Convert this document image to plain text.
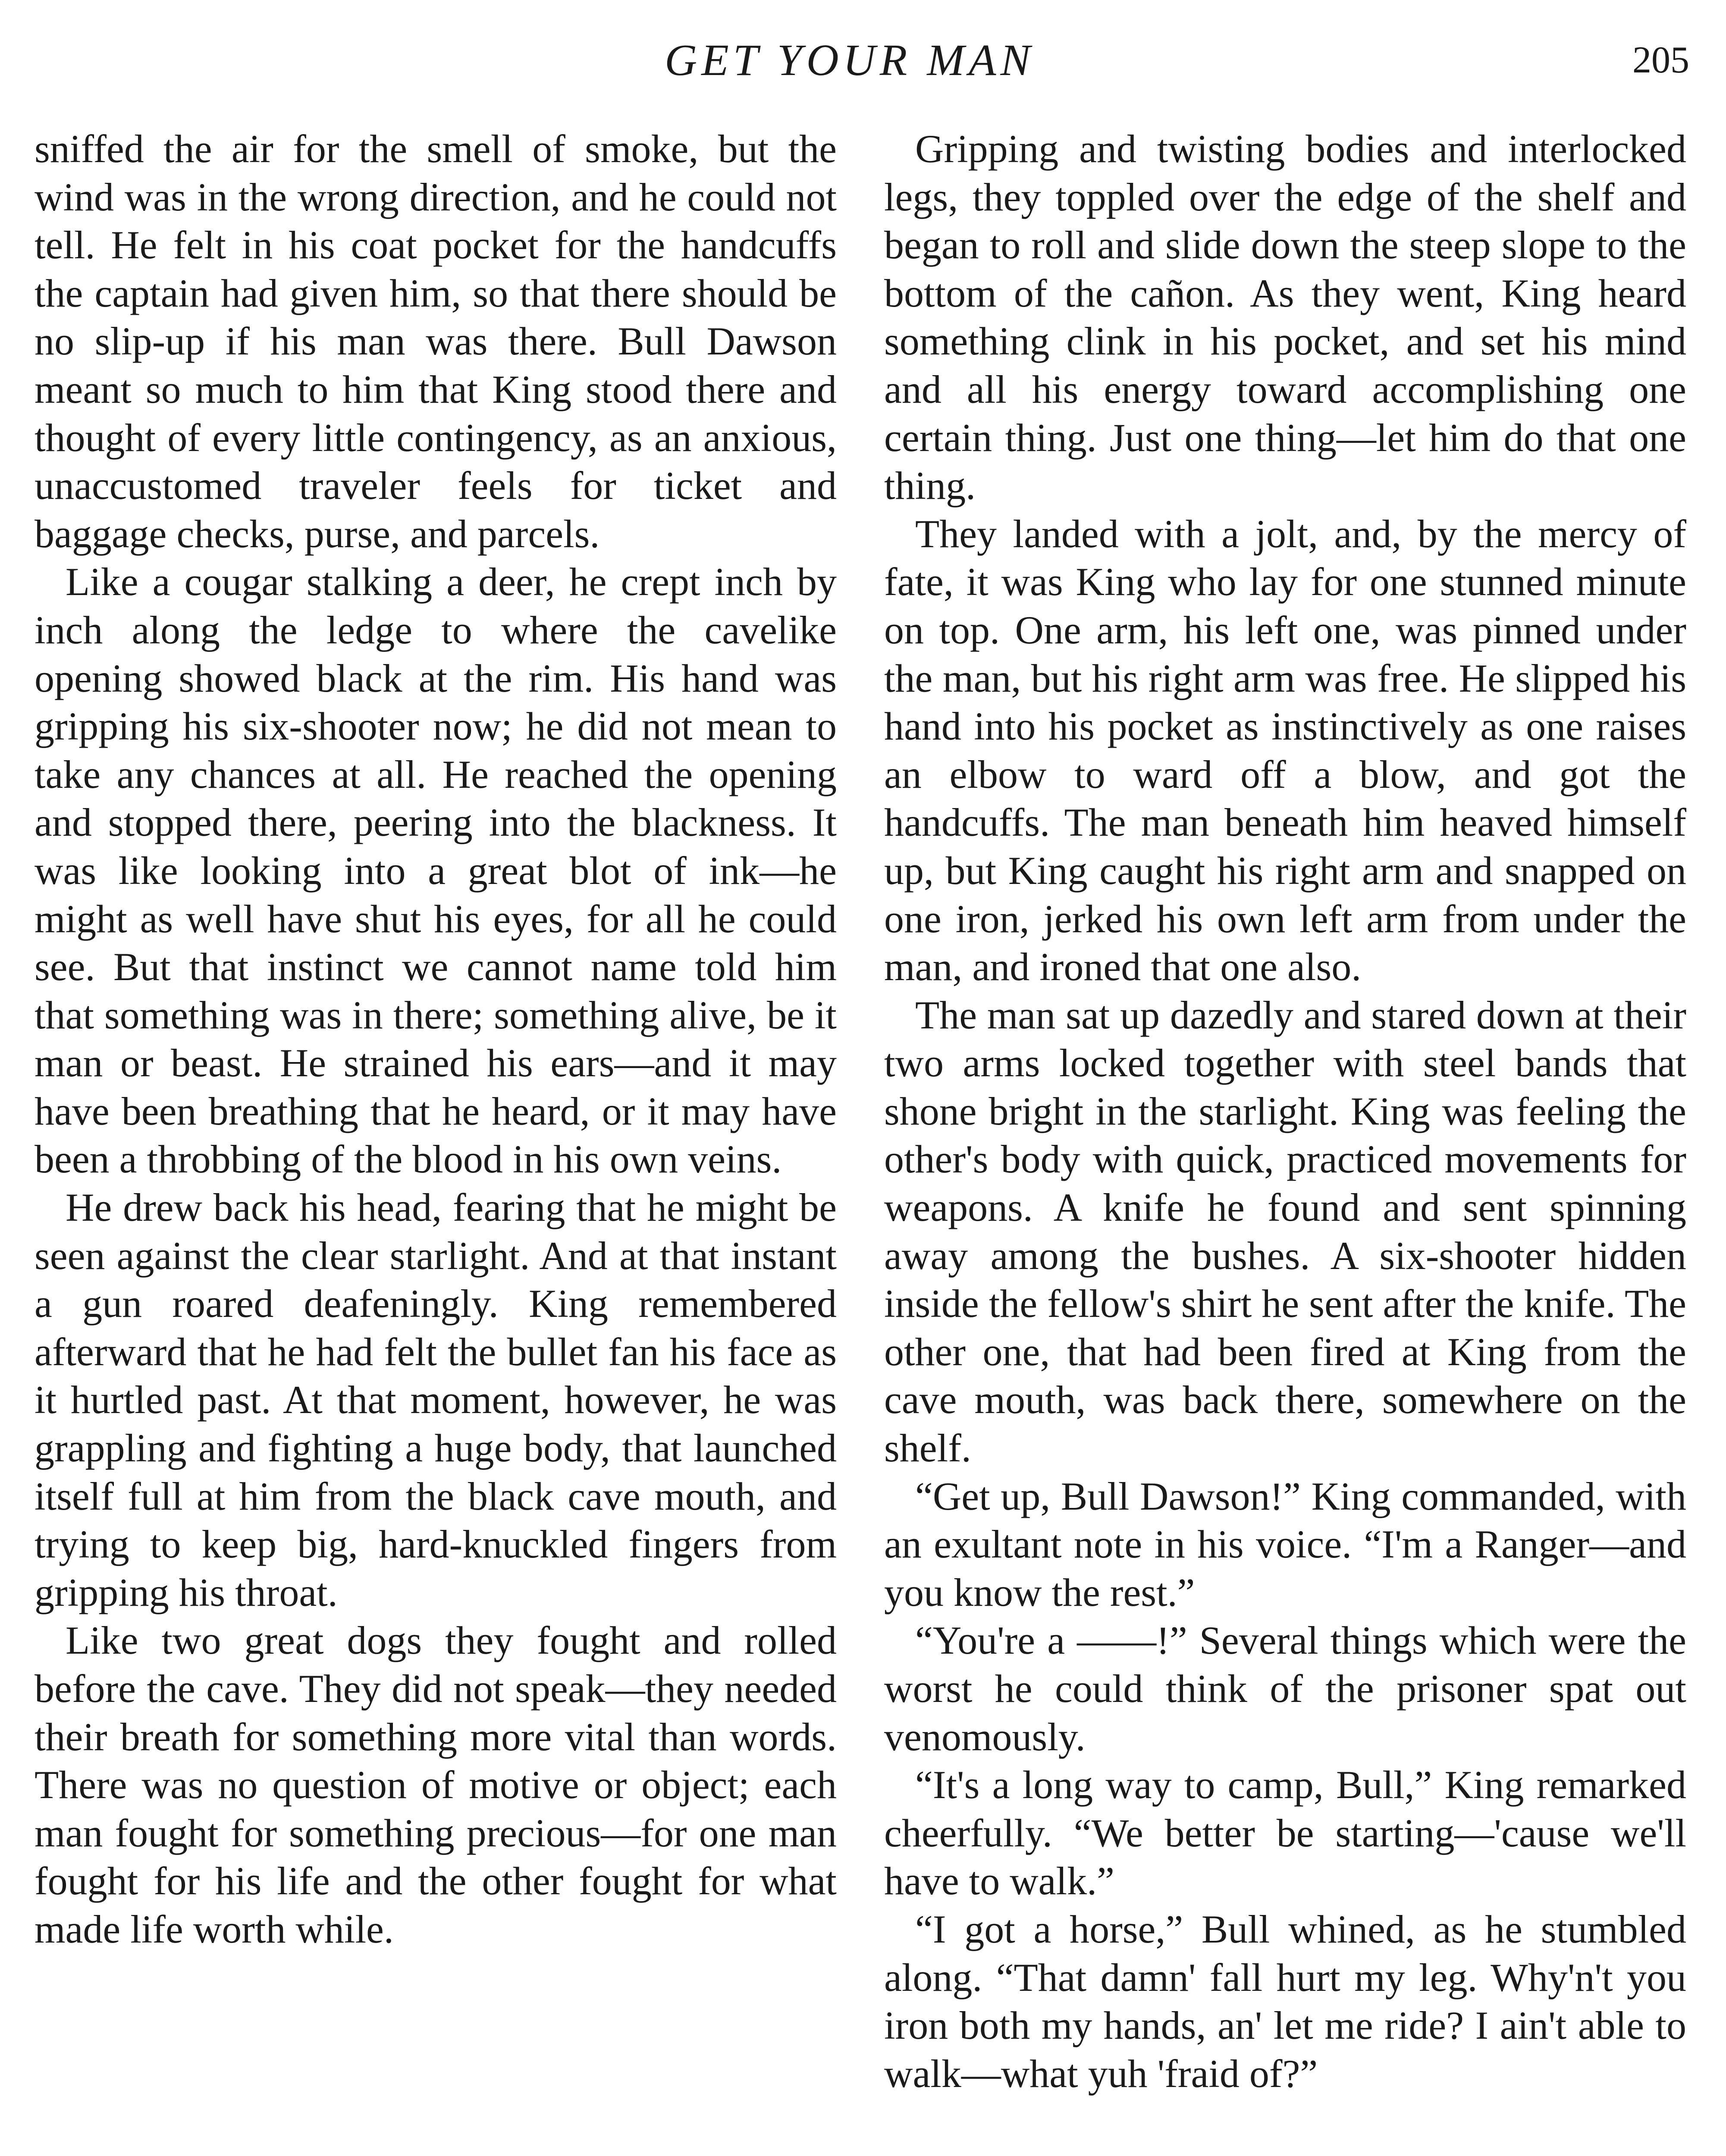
GET YOUR MAN	205

sniffed the air for the smell of smoke, but the wind was in the wrong direction, and he could not tell. He felt in his coat pocket for the handcuffs the captain had given him, so that there should be no slip-up if his man was there. Bull Dawson meant so much to him that King stood there and thought of every little contingency, as an anxious, unaccustomed traveler feels for ticket and baggage checks, purse, and parcels.

Like a cougar stalking a deer, he crept inch by inch along the ledge to where the cavelike opening showed black at the rim. His hand was gripping his six-shooter now; he did not mean to take any chances at all. He reached the opening and stopped there, peering into the blackness. It was like looking into a great blot of ink—he might as well have shut his eyes, for all he could see. But that instinct we cannot name told him that something was in there; something alive, be it man or beast. He strained his ears—and it may have been breathing that he heard, or it may have been a throbbing of the blood in his own veins.

He drew back his head, fearing that he might be seen against the clear starlight. And at that instant a gun roared deafeningly. King remembered afterward that he had felt the bullet fan his face as it hurtled past. At that moment, however, he was grappling and fighting a huge body, that launched itself full at him from the black cave mouth, and trying to keep big, hard-knuckled fingers from gripping his throat.

Like two great dogs they fought and rolled before the cave. They did not speak—they needed their breath for something more vital than words. There was no question of motive or object; each man fought for something precious—for one man fought for his life and the other fought for what made life worth while.

Gripping and twisting bodies and interlocked legs, they toppled over the edge of the shelf and began to roll and slide down the steep slope to the bottom of the cañon. As they went, King heard something clink in his pocket, and set his mind and all his energy toward accomplishing one certain thing. Just one thing—let him do that one thing.

They landed with a jolt, and, by the mercy of fate, it was King who lay for one stunned minute on top. One arm, his left one, was pinned under the man, but his right arm was free. He slipped his hand into his pocket as instinctively as one raises an elbow to ward off a blow, and got the handcuffs. The man beneath him heaved himself up, but King caught his right arm and snapped on one iron, jerked his own left arm from under the man, and ironed that one also.

The man sat up dazedly and stared down at their two arms locked together with steel bands that shone bright in the starlight. King was feeling the other's body with quick, practiced movements for weapons. A knife he found and sent spinning away among the bushes. A six-shooter hidden inside the fellow's shirt he sent after the knife. The other one, that had been fired at King from the cave mouth, was back there, somewhere on the shelf.

“Get up, Bull Dawson!” King commanded, with an exultant note in his voice. “I'm a Ranger—and you know the rest.”

“You're a ——!” Several things which were the worst he could think of the prisoner spat out venomously.

“It's a long way to camp, Bull,” King remarked cheerfully. “We better be starting—'cause we'll have to walk.”

“I got a horse,” Bull whined, as he stumbled along. “That damn' fall hurt my leg. Why'n't you iron both my hands, an' let me ride? I ain't able to walk—what yuh 'fraid of?”
